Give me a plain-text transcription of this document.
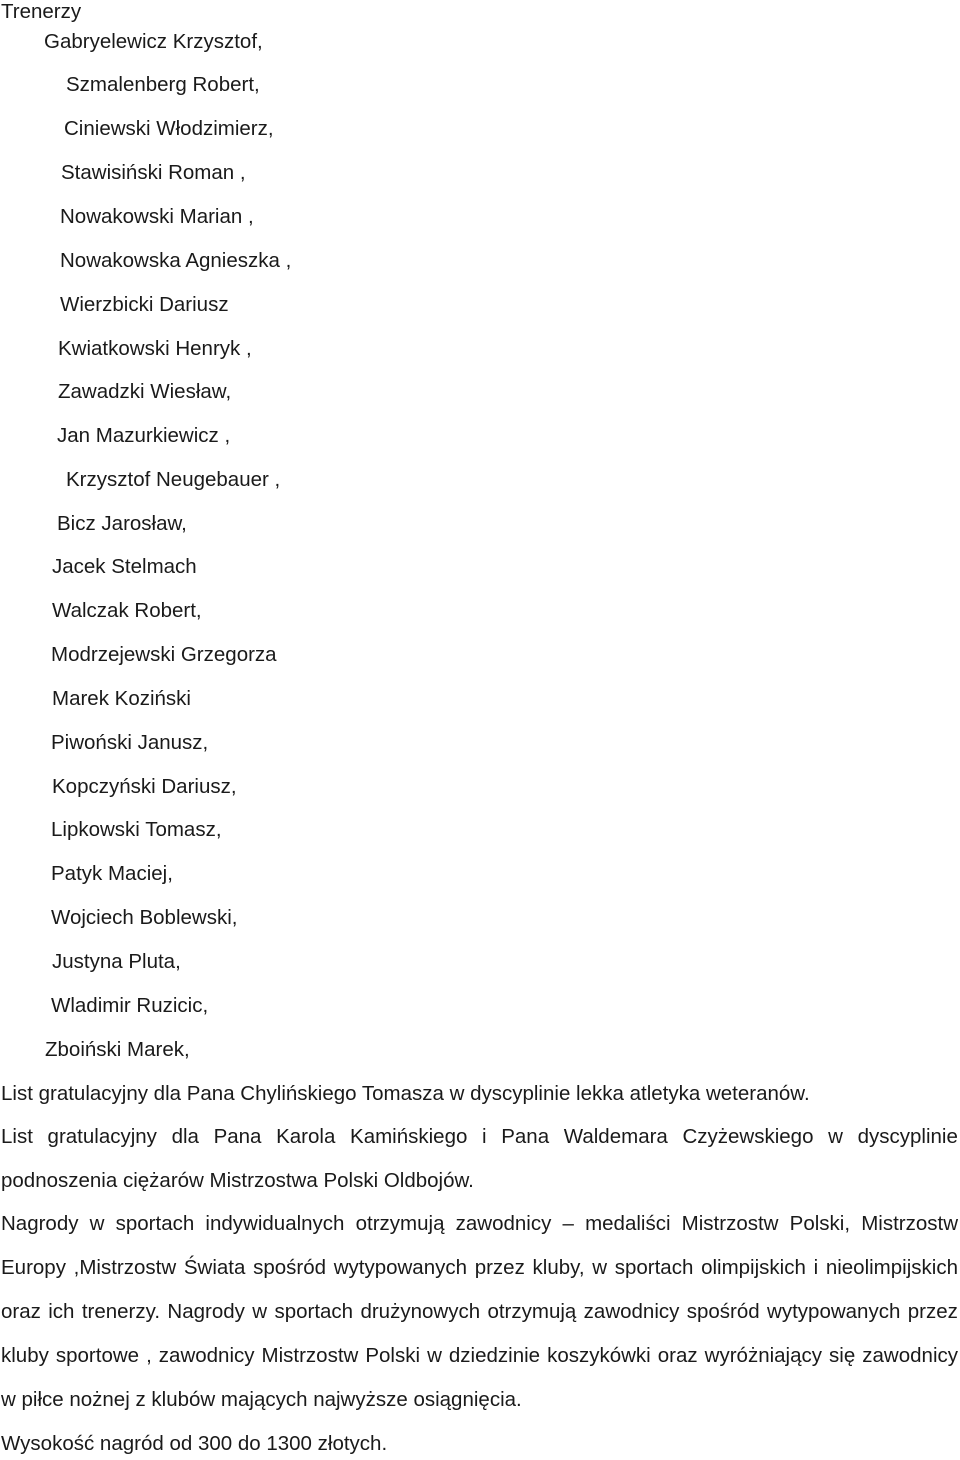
Trenerzy
Gabryelewicz Krzysztof,
Szmalenberg Robert,
Ciniewski Włodzimierz,
Stawisiński Roman ,
Nowakowski Marian ,
Nowakowska Agnieszka ,
Wierzbicki Dariusz
Kwiatkowski Henryk ,
Zawadzki Wiesław,
Jan Mazurkiewicz ,
Krzysztof Neugebauer ,
Bicz Jarosław,
Jacek Stelmach
Walczak Robert,
Modrzejewski Grzegorza
Marek Koziński
Piwoński Janusz,
Kopczyński Dariusz,
Lipkowski Tomasz,
Patyk Maciej,
Wojciech Boblewski,
Justyna Pluta,
Wladimir Ruzicic,
Zboiński Marek,
List gratulacyjny dla Pana Chylińskiego Tomasza w dyscyplinie lekka atletyka weteranów.
List gratulacyjny dla Pana Karola Kamińskiego i Pana Waldemara Czyżewskiego w dyscyplinie
podnoszenia ciężarów Mistrzostwa Polski Oldbojów.
Nagrody w sportach indywidualnych otrzymują zawodnicy – medaliści Mistrzostw Polski, Mistrzostw
Europy ,Mistrzostw Świata spośród wytypowanych przez kluby, w sportach olimpijskich i nieolimpijskich
oraz ich trenerzy. Nagrody w sportach drużynowych otrzymują zawodnicy spośród wytypowanych przez
kluby sportowe , zawodnicy Mistrzostw Polski w dziedzinie koszykówki oraz wyróżniający się zawodnicy
w piłce nożnej z klubów mających najwyższe osiągnięcia.
Wysokość nagród od 300 do 1300 złotych.
